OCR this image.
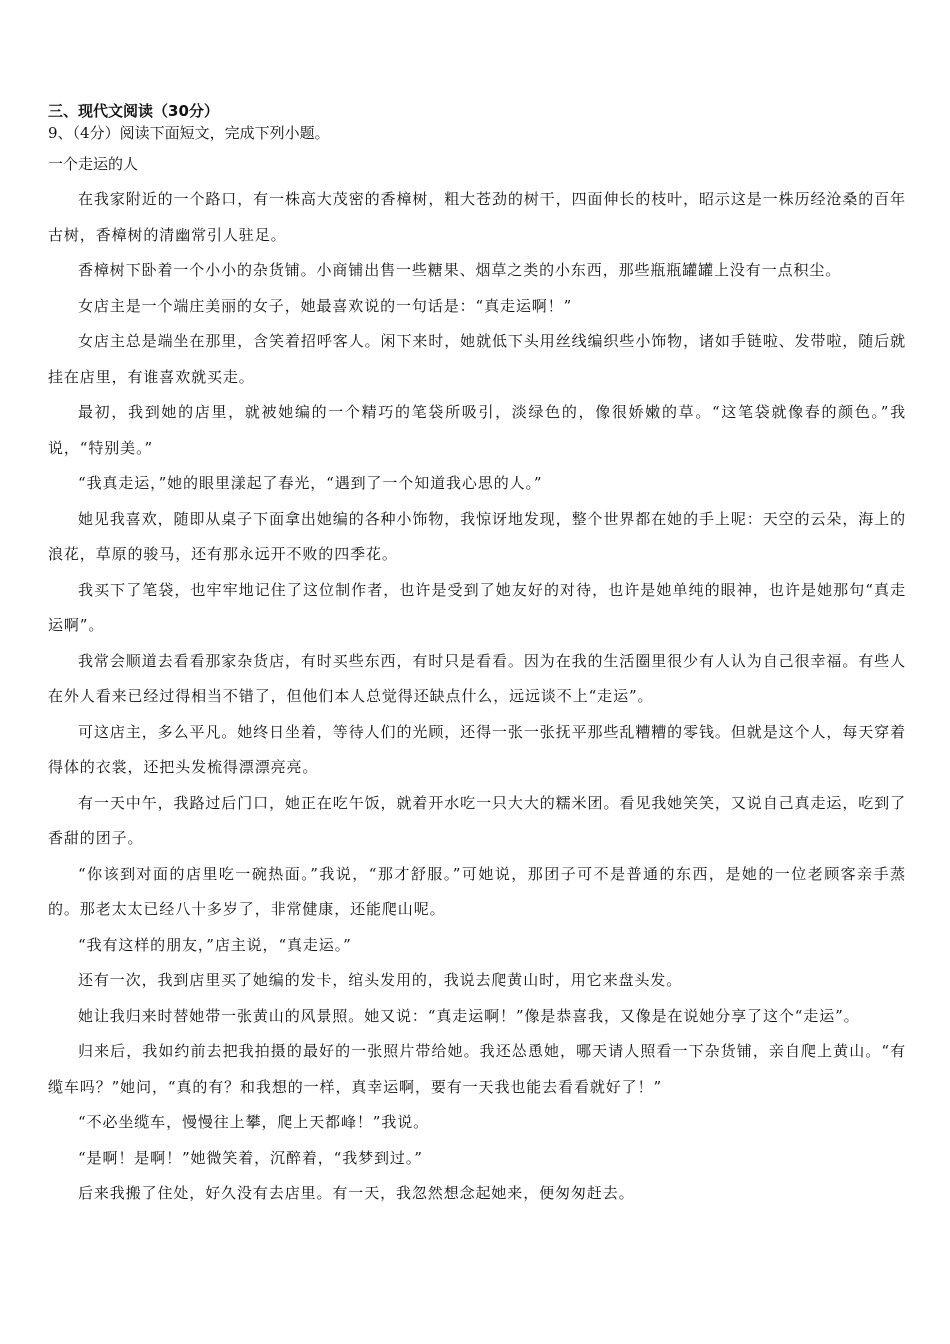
三、现代文阅读（30分）

9、（4分）阅读下面短文，完成下列小题。

一个走运的人

在我家附近的一个路口，有一株高大茂密的香樟树，粗大苍劲的树干，四面伸长的枝叶，昭示这是一株历经沧桑的百年古树，香樟树的清幽常引人驻足。

香樟树下卧着一个小小的杂货铺。小商铺出售一些糖果、烟草之类的小东西，那些瓶瓶罐罐上没有一点积尘。

女店主是一个端庄美丽的女子，她最喜欢说的一句话是：“真走运啊！”

女店主总是端坐在那里，含笑着招呼客人。闲下来时，她就低下头用丝线编织些小饰物，诸如手链啦、发带啦，随后就挂在店里，有谁喜欢就买走。

最初，我到她的店里，就被她编的一个精巧的笔袋所吸引，淡绿色的，像很娇嫩的草。“这笔袋就像春的颜色。”我说，“特别美。”

“我真走运，”她的眼里漾起了春光，“遇到了一个知道我心思的人。”

她见我喜欢，随即从桌子下面拿出她编的各种小饰物，我惊讶地发现，整个世界都在她的手上呢：天空的云朵，海上的浪花，草原的骏马，还有那永远开不败的四季花。

我买下了笔袋，也牢牢地记住了这位制作者，也许是受到了她友好的对待，也许是她单纯的眼神，也许是她那句“真走运啊”。

我常会顺道去看看那家杂货店，有时买些东西，有时只是看看。因为在我的生活圈里很少有人认为自己很幸福。有些人在外人看来已经过得相当不错了，但他们本人总觉得还缺点什么，远远谈不上“走运”。

可这店主，多么平凡。她终日坐着，等待人们的光顾，还得一张一张抚平那些乱糟糟的零钱。但就是这个人，每天穿着得体的衣裳，还把头发梳得漂漂亮亮。

有一天中午，我路过后门口，她正在吃午饭，就着开水吃一只大大的糯米团。看见我她笑笑，又说自己真走运，吃到了香甜的团子。

“你该到对面的店里吃一碗热面。”我说，“那才舒服。”可她说，那团子可不是普通的东西，是她的一位老顾客亲手蒸的。那老太太已经八十多岁了，非常健康，还能爬山呢。

“我有这样的朋友，”店主说，“真走运。”

还有一次，我到店里买了她编的发卡，绾头发用的，我说去爬黄山时，用它来盘头发。

她让我归来时替她带一张黄山的风景照。她又说：“真走运啊！”像是恭喜我，又像是在说她分享了这个“走运”。

归来后，我如约前去把我拍摄的最好的一张照片带给她。我还怂恿她，哪天请人照看一下杂货铺，亲自爬上黄山。“有缆车吗？”她问，“真的有？和我想的一样，真幸运啊，要有一天我也能去看看就好了！”

“不必坐缆车，慢慢往上攀，爬上天都峰！”我说。

“是啊！是啊！”她微笑着，沉醉着，“我梦到过。”

后来我搬了住处，好久没有去店里。有一天，我忽然想念起她来，便匆匆赶去。
